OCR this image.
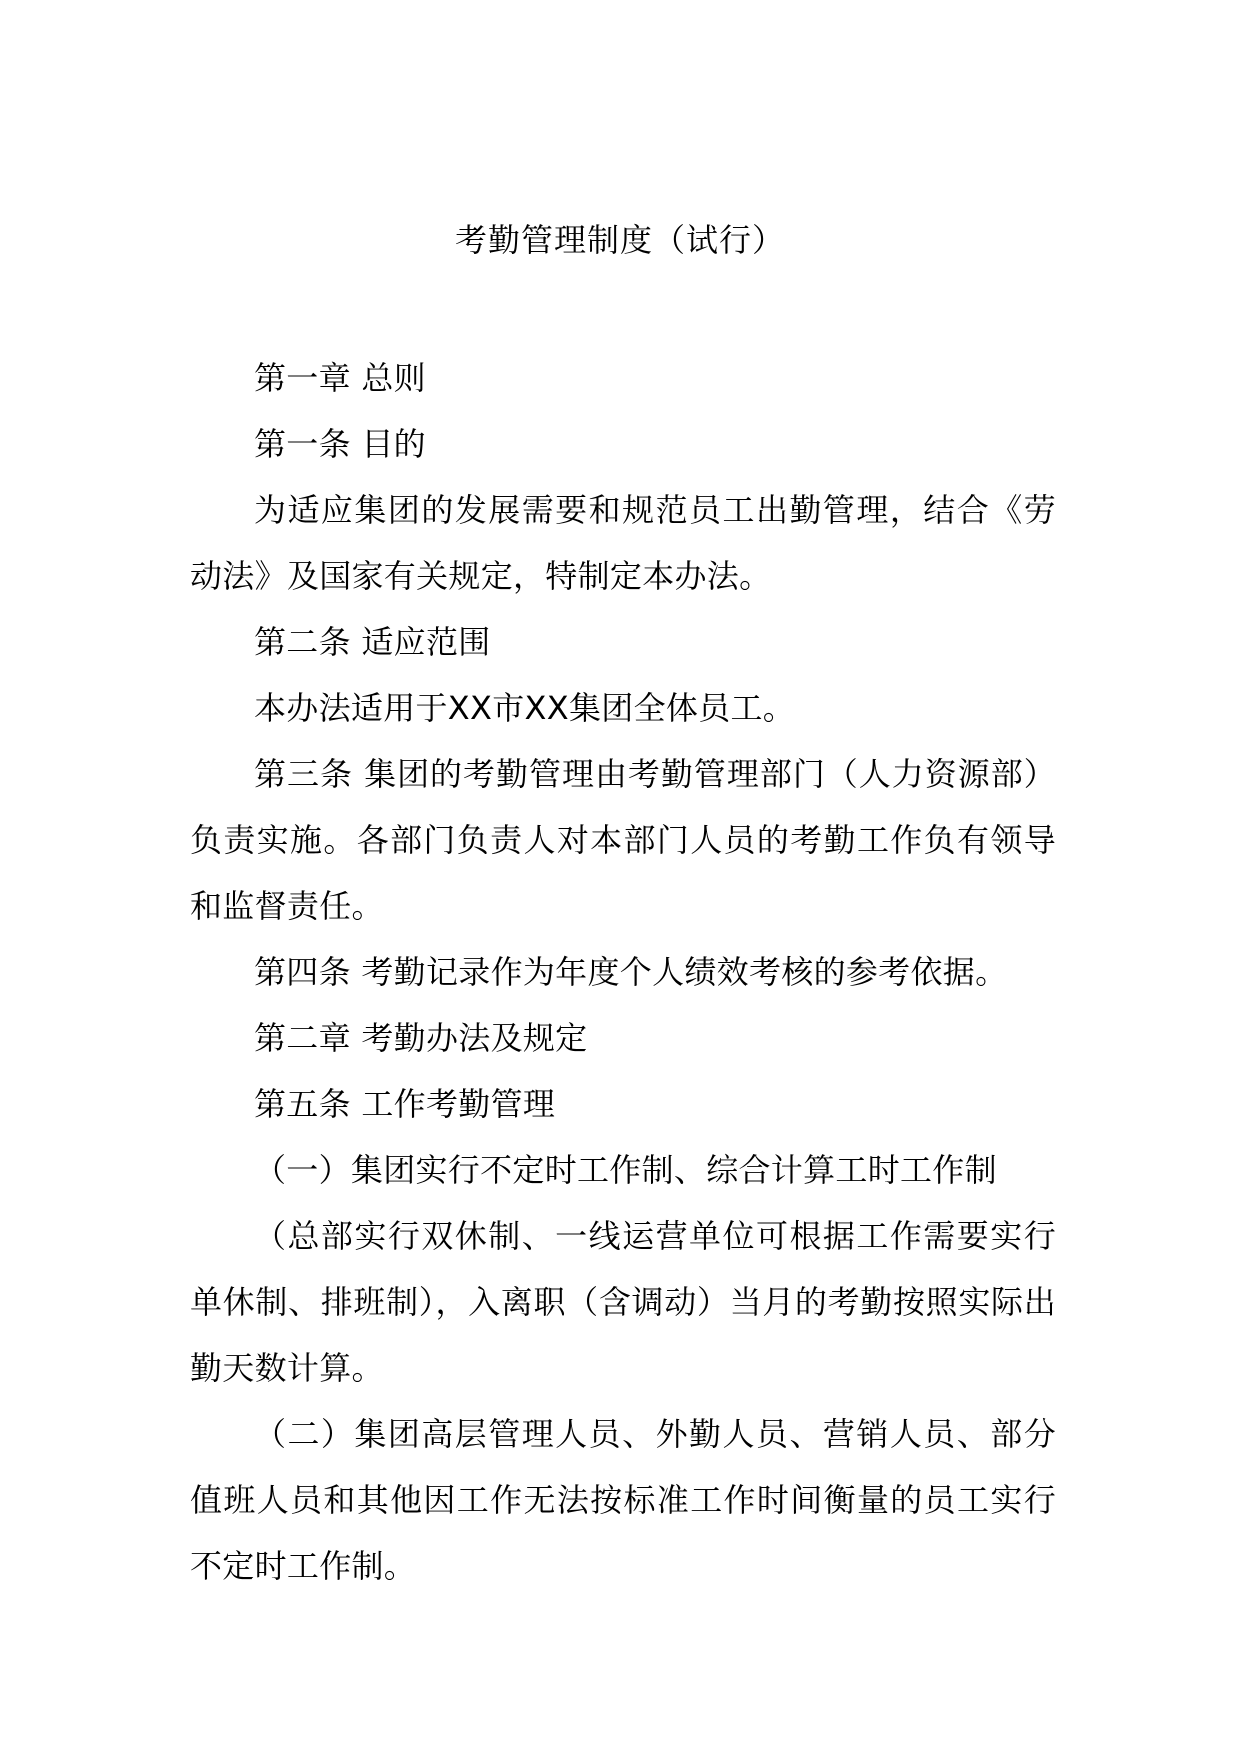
考勤管理制度（试行）

第一章 总则

第一条 目的

为适应集团的发展需要和规范员工出勤管理，结合《劳动法》及国家有关规定，特制定本办法。

第二条 适应范围

本办法适用于XX市XX集团全体员工。

第三条 集团的考勤管理由考勤管理部门（人力资源部）负责实施。各部门负责人对本部门人员的考勤工作负有领导和监督责任。

第四条 考勤记录作为年度个人绩效考核的参考依据。

第二章 考勤办法及规定

第五条 工作考勤管理

（一）集团实行不定时工作制、综合计算工时工作制

（总部实行双休制、一线运营单位可根据工作需要实行单休制、排班制），入离职（含调动）当月的考勤按照实际出勤天数计算。

（二）集团高层管理人员、外勤人员、营销人员、部分值班人员和其他因工作无法按标准工作时间衡量的员工实行不定时工作制。
